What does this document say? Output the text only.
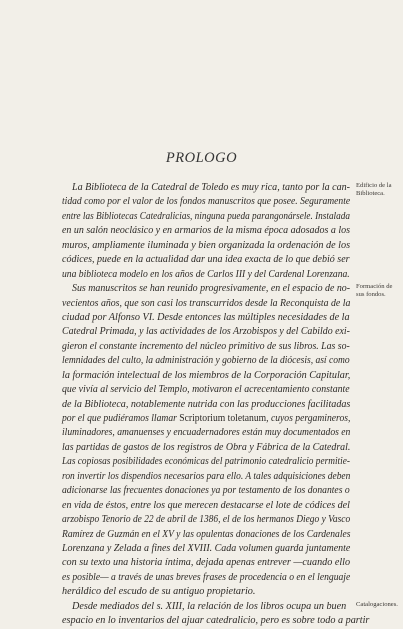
PROLOGO
La Biblioteca de la Catedral de Toledo es muy rica, tanto por la can-
tidad como por el valor de los fondos manuscritos que posee. Seguramente
entre las Bibliotecas Catedralicias, ninguna pueda parangonársele. Instalada
en un salón neoclásico y en armarios de la misma época adosados a los
muros, ampliamente iluminada y bien organizada la ordenación de los
códices, puede en la actualidad dar una idea exacta de lo que debió ser
una biblioteca modelo en los años de Carlos III y del Cardenal Lorenzana.
Sus manuscritos se han reunido progresivamente, en el espacio de no-
vecientos años, que son casi los transcurridos desde la Reconquista de la
ciudad por Alfonso VI. Desde entonces las múltiples necesidades de la
Catedral Primada, y las actividades de los Arzobispos y del Cabildo exi-
gieron el constante incremento del núcleo primitivo de sus libros. Las so-
lemnidades del culto, la administración y gobierno de la diócesis, así como
la formación intelectual de los miembros de la Corporación Capitular,
que vivía al servicio del Templo, motivaron el acrecentamiento constante
de la Biblioteca, notablemente nutrida con las producciones facilitadas
por el que pudiéramos llamar Scriptorium toletanum, cuyos pergamineros,
iluminadores, amanuenses y encuadernadores están muy documentados en
las partidas de gastos de los registros de Obra y Fábrica de la Catedral.
Las copiosas posibilidades económicas del patrimonio catedralicio permitie-
ron invertir los dispendios necesarios para ello. A tales adquisiciones deben
adicionarse las frecuentes donaciones ya por testamento de los donantes o
en vida de éstos, entre los que merecen destacarse el lote de códices del
arzobispo Tenorio de 22 de abril de 1386, el de los hermanos Diego y Vasco
Ramírez de Guzmán en el XV y las opulentas donaciones de los Cardenales
Lorenzana y Zelada a fines del XVIII. Cada volumen guarda juntamente
con su texto una historia íntima, dejada apenas entrever —cuando ello
es posible— a través de unas breves frases de procedencia o en el lenguaje
heráldico del escudo de su antiguo propietario.
Desde mediados del s. XIII, la relación de los libros ocupa un buen
espacio en lo inventarios del ajuar catedralicio, pero es sobre todo a partir
Edificio de la Biblioteca.
Formación de sus fondos.
Catalogaciones.
